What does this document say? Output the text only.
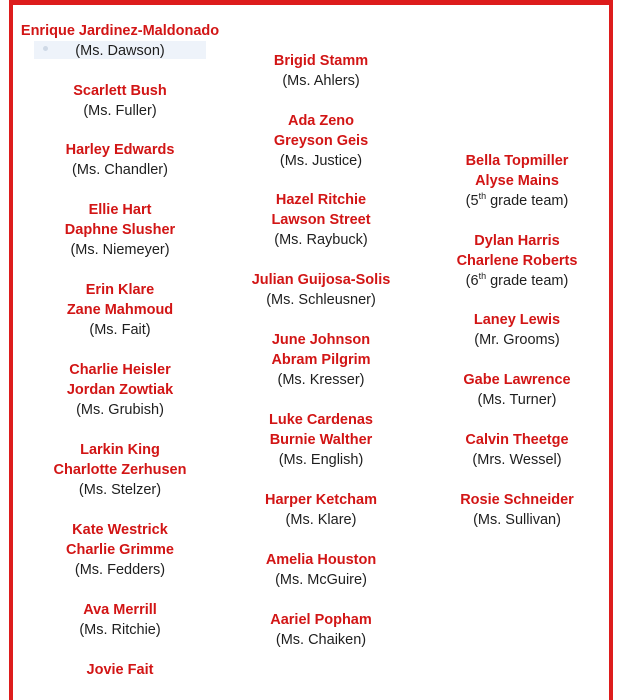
Enrique Jardinez-Maldonado
(Ms. Dawson)
Scarlett Bush
(Ms. Fuller)
Harley Edwards
(Ms. Chandler)
Ellie Hart
Daphne Slusher
(Ms. Niemeyer)
Erin Klare
Zane Mahmoud
(Ms. Fait)
Charlie Heisler
Jordan Zowtiak
(Ms. Grubish)
Larkin King
Charlotte Zerhusen
(Ms. Stelzer)
Kate Westrick
Charlie Grimme
(Ms. Fedders)
Ava Merrill
(Ms. Ritchie)
Jovie Fait
Brigid Stamm
(Ms. Ahlers)
Ada Zeno
Greyson Geis
(Ms. Justice)
Hazel Ritchie
Lawson Street
(Ms. Raybuck)
Julian Guijosa-Solis
(Ms. Schleusner)
June Johnson
Abram Pilgrim
(Ms. Kresser)
Luke Cardenas
Burnie Walther
(Ms. English)
Harper Ketcham
(Ms. Klare)
Amelia Houston
(Ms. McGuire)
Aariel Popham
(Ms. Chaiken)
Bella Topmiller
Alyse Mains
(5th grade team)
Dylan Harris
Charlene Roberts
(6th grade team)
Laney Lewis
(Mr. Grooms)
Gabe Lawrence
(Ms. Turner)
Calvin Theetge
(Mrs. Wessel)
Rosie Schneider
(Ms. Sullivan)
